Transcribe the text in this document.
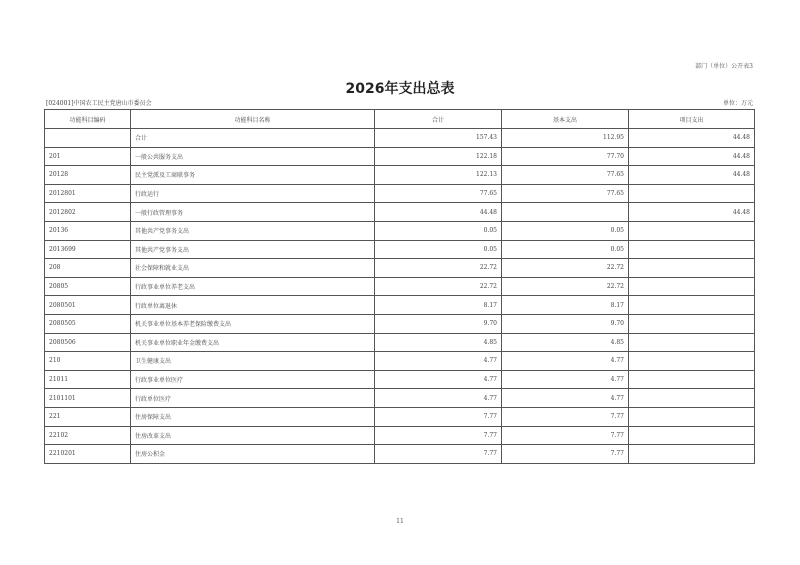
部门（单位）公开表3
2026年支出总表
[024001]中国农工民主党唐山市委员会	单位：万元
功能科目编码	功能科目名称	合计	基本支出	项目支出
	合计	157.43	112.95	44.48
201	一般公共服务支出	122.18	77.70	44.48
20128	民主党派及工商联事务	122.13	77.65	44.48
2012801	行政运行	77.65	77.65	
2012802	一般行政管理事务	44.48		44.48
20136	其他共产党事务支出	0.05	0.05	
2013699	其他共产党事务支出	0.05	0.05	
208	社会保障和就业支出	22.72	22.72	
20805	行政事业单位养老支出	22.72	22.72	
2080501	行政单位离退休	8.17	8.17	
2080505	机关事业单位基本养老保险缴费支出	9.70	9.70	
2080506	机关事业单位职业年金缴费支出	4.85	4.85	
210	卫生健康支出	4.77	4.77	
21011	行政事业单位医疗	4.77	4.77	
2101101	行政单位医疗	4.77	4.77	
221	住房保障支出	7.77	7.77	
22102	住房改革支出	7.77	7.77	
2210201	住房公积金	7.77	7.77	
11
